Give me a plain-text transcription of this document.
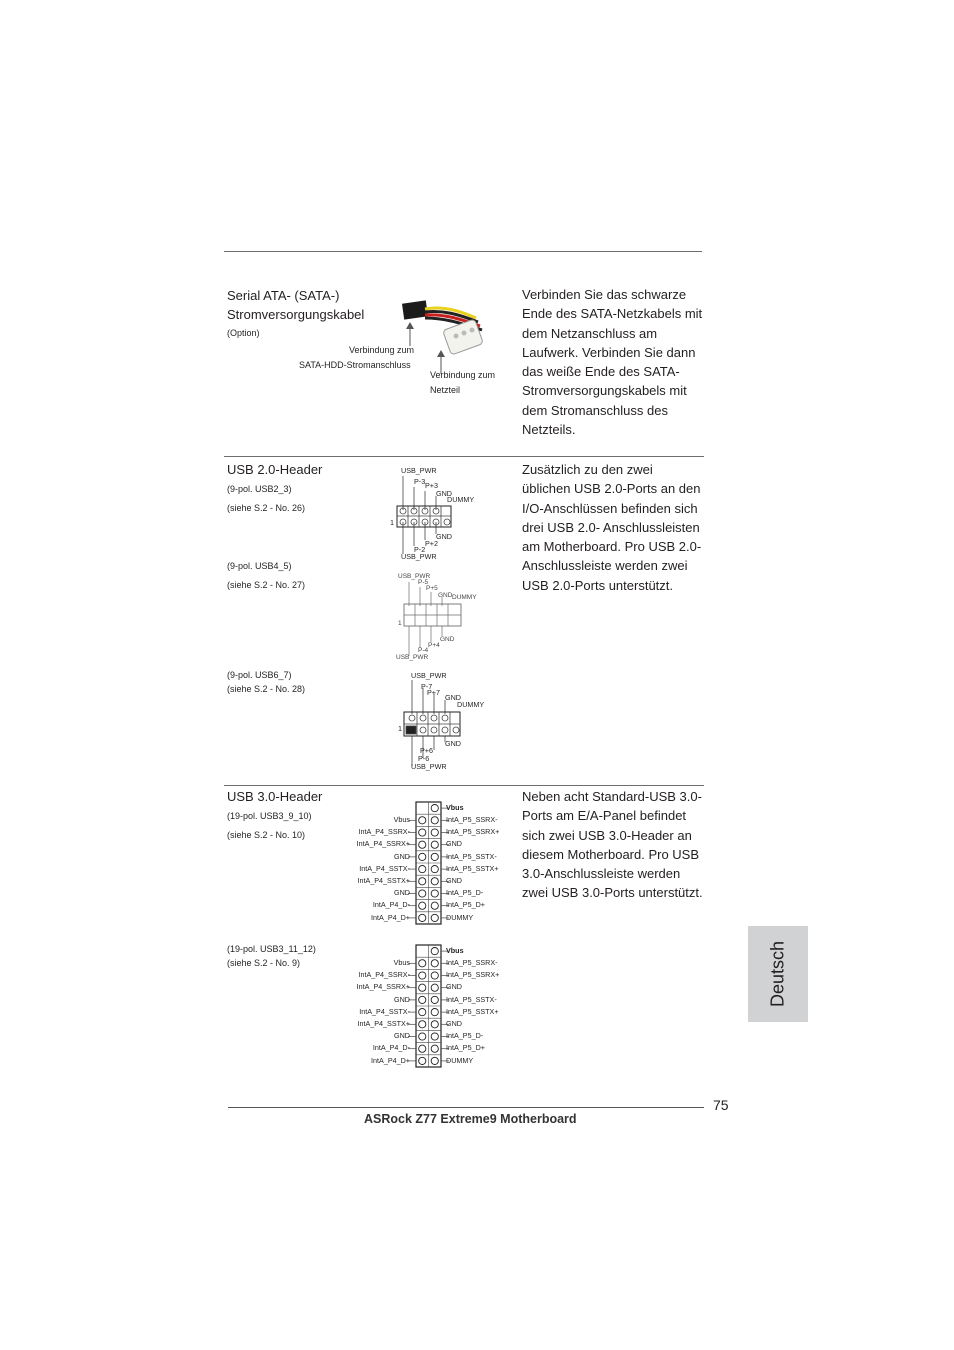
Serial ATA- (SATA-)
Stromversorgungskabel
(Option)
Verbindung zum
SATA-HDD-Stromanschluss
Verbindung zum
Netzteil
Verbinden Sie das schwarze Ende des SATA-Netzkabels mit dem Netzanschluss am Laufwerk. Verbinden Sie dann das weiße Ende des SATA-Stromversorgungskabels mit dem Stromanschluss des Netzteils.
USB 2.0-Header
(9-pol. USB2_3)
(siehe S.2 - No. 26)
(9-pol. USB4_5)
(siehe S.2 - No. 27)
(9-pol. USB6_7)
(siehe S.2 - No. 28)
USB_PWR
P-3 P+3
GND
DUMMY
1
GND
P+2
P-2
USB_PWR
USB_PWR
P-5
P+5
GND DUMMY
1
GND
P+4
P-4
USB_PWR
USB_PWR
P-7
P+7
GND
DUMMY
1
GND
P+6
P-6
USB_PWR
Zusätzlich zu den zwei üblichen USB 2.0-Ports an den I/O-Anschlüssen befinden sich drei USB 2.0- Anschlussleisten am Motherboard. Pro USB 2.0-Anschlussleiste werden zwei USB 2.0-Ports unterstützt.
USB 3.0-Header
(19-pol. USB3_9_10)
(siehe S.2 - No. 10)
(19-pol. USB3_11_12)
(siehe S.2 - No. 9)
Vbus
IntA_P4_SSRX-
IntA_P4_SSRX+
GND
IntA_P4_SSTX-
IntA_P4_SSTX+
GND
IntA_P4_D-
IntA_P4_D+
Vbus
IntA_P5_SSRX-
IntA_P5_SSRX+
GND
IntA_P5_SSTX-
IntA_P5_SSTX+
GND
IntA_P5_D-
IntA_P5_D+
DUMMY
Vbus
IntA_P4_SSRX-
IntA_P4_SSRX+
GND
IntA_P4_SSTX-
IntA_P4_SSTX+
GND
IntA_P4_D-
IntA_P4_D+
Vbus
IntA_P5_SSRX-
IntA_P5_SSRX+
GND
IntA_P5_SSTX-
IntA_P5_SSTX+
GND
IntA_P5_D-
IntA_P5_D+
DUMMY
Neben acht Standard-USB 3.0-Ports am E/A-Panel befindet sich zwei USB 3.0-Header an diesem Motherboard. Pro USB 3.0-Anschlussleiste werden zwei USB 3.0-Ports unterstützt.
Deutsch
75
ASRock Z77 Extreme9 Motherboard
